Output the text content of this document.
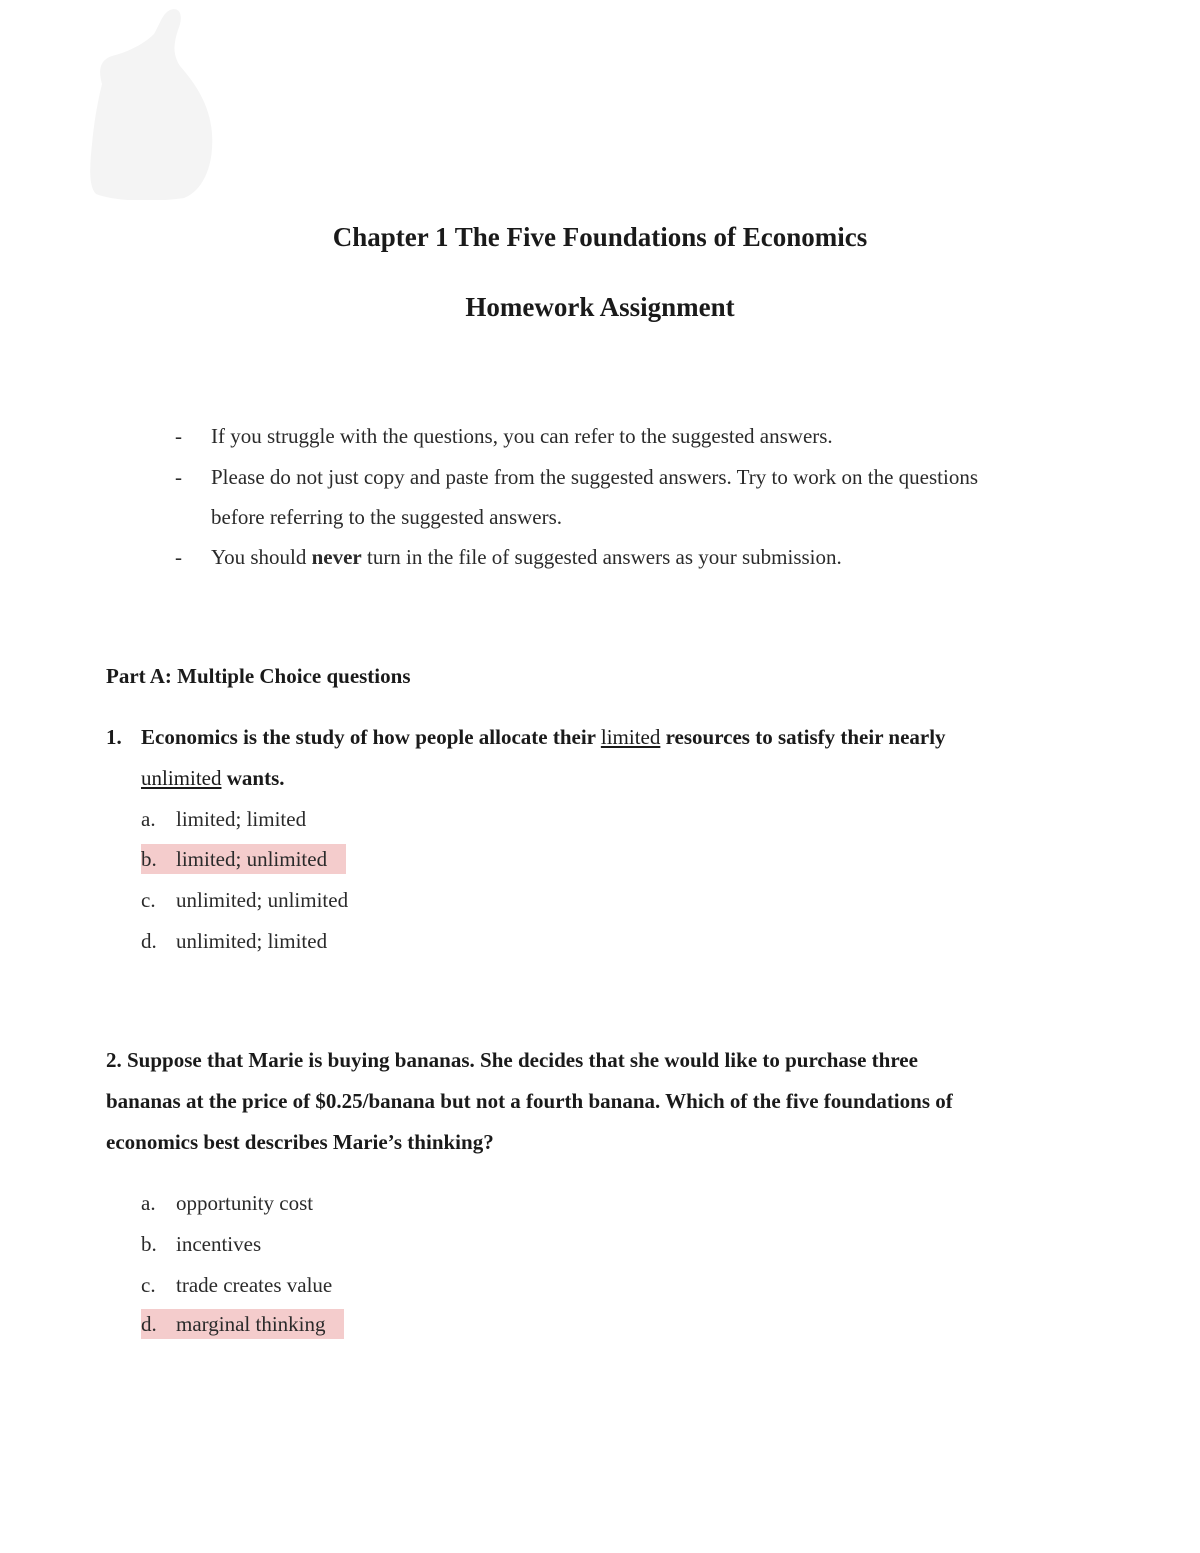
Chapter 1 The Five Foundations of Economics
Homework Assignment
- If you struggle with the questions, you can refer to the suggested answers.
- Please do not just copy and paste from the suggested answers. Try to work on the questions
before referring to the suggested answers.
- You should never turn in the file of suggested answers as your submission.
Part A: Multiple Choice questions
1. Economics is the study of how people allocate their limited resources to satisfy their nearly
unlimited wants.
a. limited; limited
b. limited; unlimited
c. unlimited; unlimited
d. unlimited; limited
2. Suppose that Marie is buying bananas. She decides that she would like to purchase three
bananas at the price of $0.25/banana but not a fourth banana. Which of the five foundations of
economics best describes Marie’s thinking?
a. opportunity cost
b. incentives
c. trade creates value
d. marginal thinking
